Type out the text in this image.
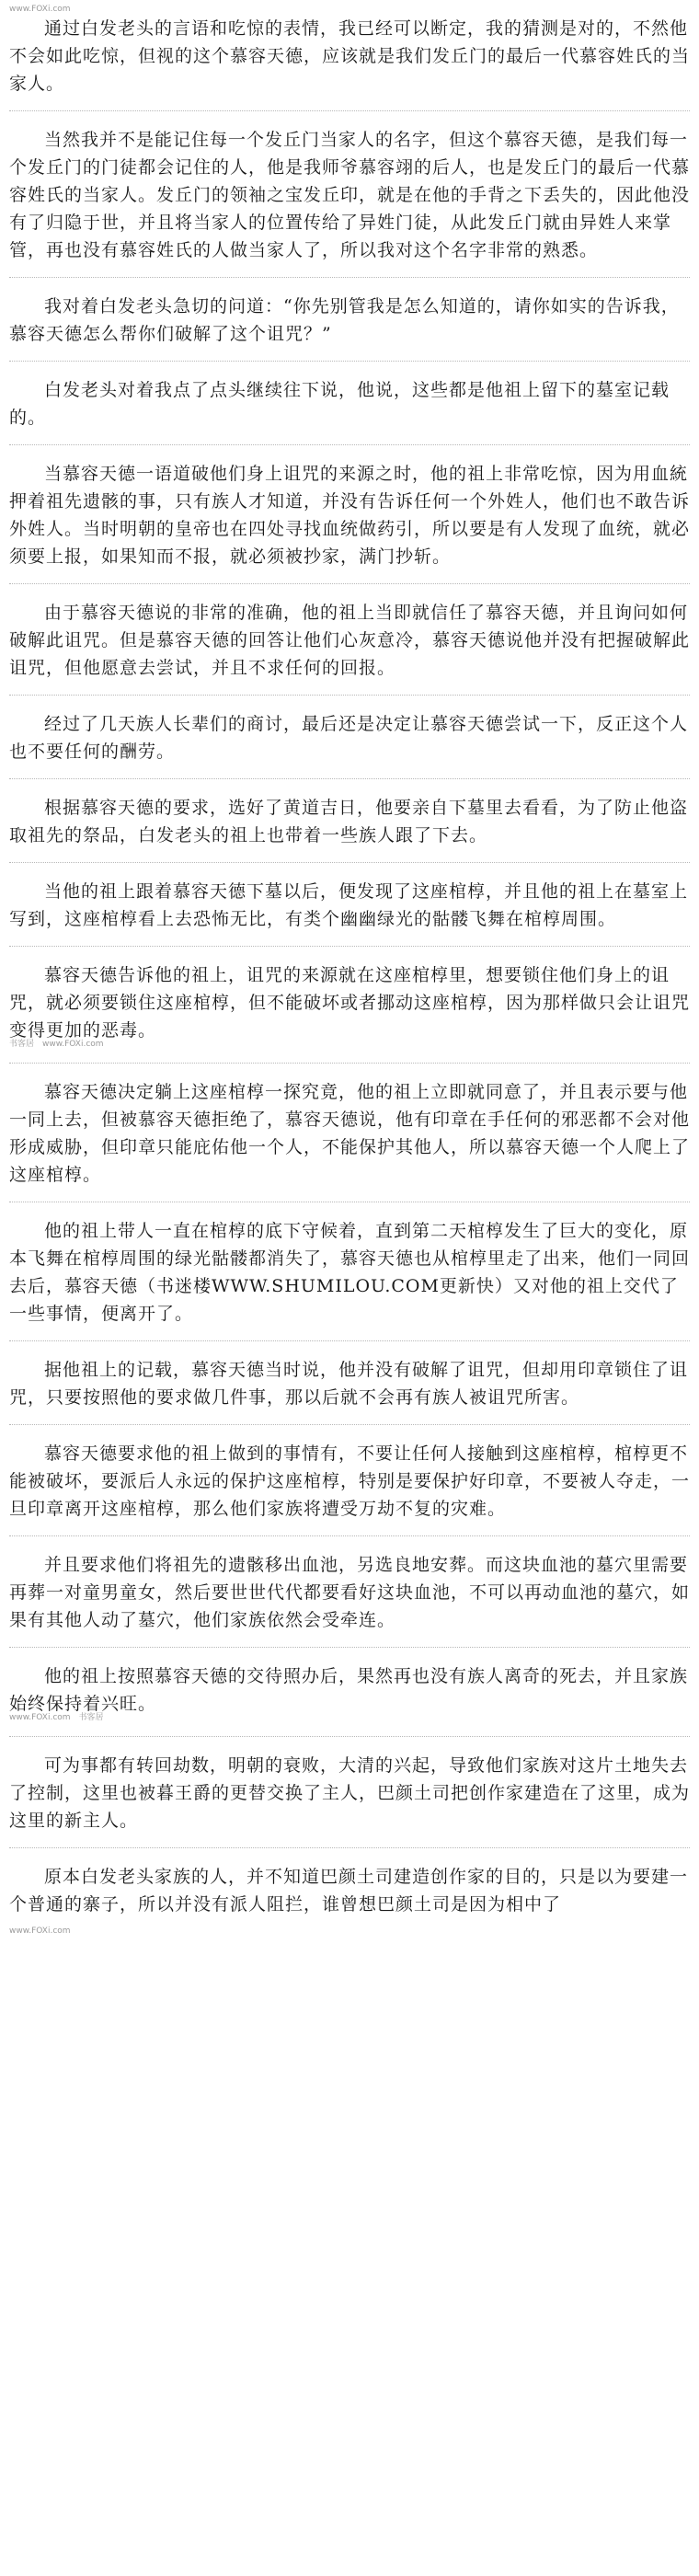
www.FOXi.com

通过白发老头的言语和吃惊的表情，我已经可以断定，我的猜测是对的，不然他不会如此吃惊，但视的这个慕容天德，应该就是我们发丘门的最后一代慕容姓氏的当家人。

当然我并不是能记住每一个发丘门当家人的名字，但这个慕容天德，是我们每一个发丘门的门徒都会记住的人，他是我师爷慕容翊的后人，也是发丘门的最后一代慕容姓氏的当家人。发丘门的领袖之宝发丘印，就是在他的手背之下丢失的，因此他没有了归隐于世，并且将当家人的位置传给了异姓门徒，从此发丘门就由异姓人来掌管，再也没有慕容姓氏的人做当家人了，所以我对这个名字非常的熟悉。

我对着白发老头急切的问道：“你先别管我是怎么知道的，请你如实的告诉我，慕容天德怎么帮你们破解了这个诅咒？”

白发老头对着我点了点头继续往下说，他说，这些都是他祖上留下的墓室记载的。

当慕容天德一语道破他们身上诅咒的来源之时，他的祖上非常吃惊，因为用血統押着祖先遗骸的事，只有族人才知道，并没有告诉任何一个外姓人，他们也不敢告诉外姓人。当时明朝的皇帝也在四处寻找血统做药引，所以要是有人发现了血统，就必须要上报，如果知而不报，就必须被抄家，满门抄斩。

由于慕容天德说的非常的准确，他的祖上当即就信任了慕容天德，并且询问如何破解此诅咒。但是慕容天德的回答让他们心灰意冷，慕容天德说他并没有把握破解此诅咒，但他愿意去尝试，并且不求任何的回报。

经过了几天族人长辈们的商讨，最后还是决定让慕容天德尝试一下，反正这个人也不要任何的酬劳。

根据慕容天德的要求，选好了黄道吉日，他要亲自下墓里去看看，为了防止他盗取祖先的祭品，白发老头的祖上也带着一些族人跟了下去。

当他的祖上跟着慕容天德下墓以后，便发现了这座棺椁，并且他的祖上在墓室上写到，这座棺椁看上去恐怖无比，有类个幽幽绿光的骷髅飞舞在棺椁周围。

慕容天德告诉他的祖上，诅咒的来源就在这座棺椁里，想要锁住他们身上的诅咒，就必须要锁住这座棺椁，但不能破坏或者挪动这座棺椁，因为那样做只会让诅咒变得更加的恶毒。

书客居　www.FOXi.com

慕容天德决定躺上这座棺椁一探究竟，他的祖上立即就同意了，并且表示要与他一同上去，但被慕容天德拒绝了，慕容天德说，他有印章在手任何的邪恶都不会对他形成威胁，但印章只能庇佑他一个人，不能保护其他人，所以慕容天德一个人爬上了这座棺椁。

他的祖上带人一直在棺椁的底下守候着，直到第二天棺椁发生了巨大的变化，原本飞舞在棺椁周围的绿光骷髅都消失了，慕容天德也从棺椁里走了出来，他们一同回去后，慕容天德（书迷楼WWW.SHUMILOU.COM更新快）又对他的祖上交代了一些事情，便离开了。

据他祖上的记载，慕容天德当时说，他并没有破解了诅咒，但却用印章锁住了诅咒，只要按照他的要求做几件事，那以后就不会再有族人被诅咒所害。

慕容天德要求他的祖上做到的事情有，不要让任何人接触到这座棺椁，棺椁更不能被破坏，要派后人永远的保护这座棺椁，特别是要保护好印章，不要被人夺走，一旦印章离开这座棺椁，那么他们家族将遭受万劫不复的灾难。

并且要求他们将祖先的遗骸移出血池，另选良地安葬。而这块血池的墓穴里需要再葬一对童男童女，然后要世世代代都要看好这块血池，不可以再动血池的墓穴，如果有其他人动了墓穴，他们家族依然会受牵连。

他的祖上按照慕容天德的交待照办后，果然再也没有族人离奇的死去，并且家族始终保持着兴旺。

www.FOXi.com　书客居

可为事都有转回劫数，明朝的衰败，大清的兴起，导致他们家族对这片土地失去了控制，这里也被暮王爵的更替交换了主人，巴颜土司把创作家建造在了这里，成为这里的新主人。

原本白发老头家族的人，并不知道巴颜土司建造创作家的目的，只是以为要建一个普通的寨子，所以并没有派人阻拦，谁曾想巴颜土司是因为相中了

www.FOXi.com
